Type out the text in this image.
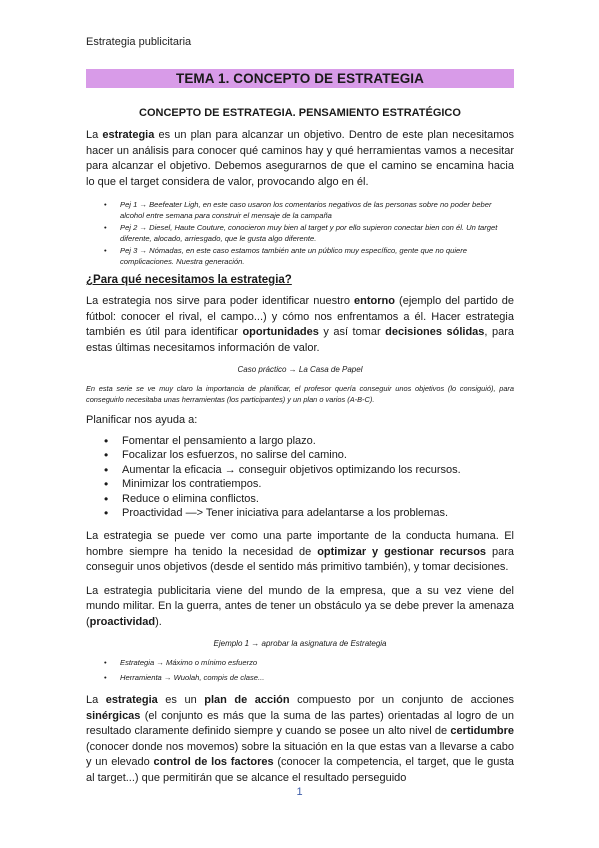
Estrategia publicitaria
TEMA 1. CONCEPTO DE ESTRATEGIA
CONCEPTO DE ESTRATEGIA. PENSAMIENTO ESTRATÉGICO

La estrategia es un plan para alcanzar un objetivo. Dentro de este plan necesitamos hacer un análisis para conocer qué caminos hay y qué herramientas vamos a necesitar para alcanzar el objetivo. Debemos asegurarnos de que el camino se encamina hacia lo que el target considera de valor, provocando algo en él.

• Pej 1 → Beefeater Ligh, en este caso usaron los comentarios negativos de las personas sobre no poder beber alcohol entre semana para construir el mensaje de la campaña
• Pej 2 → Diesel, Haute Couture, conocieron muy bien al target y por ello supieron conectar bien con él. Un target diferente, alocado, arriesgado, que le gusta algo diferente.
• Pej 3 → Nómadas, en este caso estamos también ante un público muy específico, gente que no quiere complicaciones. Nuestra generación.
¿Para qué necesitamos la estrategia?

La estrategia nos sirve para poder identificar nuestro entorno (ejemplo del partido de fútbol: conocer el rival, el campo...) y cómo nos enfrentamos a él. Hacer estrategia también es útil para identificar oportunidades y así tomar decisiones sólidas, para estas últimas necesitamos información de valor.

Caso práctico → La Casa de Papel
En esta serie se ve muy claro la importancia de planificar, el profesor quería conseguir unos objetivos (lo consiguió), para conseguirlo necesitaba unas herramientas (los participantes) y un plan o varios (A-B-C).

Planificar nos ayuda a:

• Fomentar el pensamiento a largo plazo.
• Focalizar los esfuerzos, no salirse del camino.
• Aumentar la eficacia → conseguir objetivos optimizando los recursos.
• Minimizar los contratiempos.
• Reduce o elimina conflictos.
• Proactividad —> Tener iniciativa para adelantarse a los problemas.

La estrategia se puede ver como una parte importante de la conducta humana. El hombre siempre ha tenido la necesidad de optimizar y gestionar recursos para conseguir unos objetivos (desde el sentido más primitivo también), y tomar decisiones.

La estrategia publicitaria viene del mundo de la empresa, que a su vez viene del mundo militar. En la guerra, antes de tener un obstáculo ya se debe prever la amenaza (proactividad).

Ejemplo 1 → aprobar la asignatura de Estrategia
• Estrategia → Máximo o mínimo esfuerzo
• Herramienta → Wuolah, compis de clase...

La estrategia es un plan de acción compuesto por un conjunto de acciones sinérgicas (el conjunto es más que la suma de las partes) orientadas al logro de un resultado claramente definido siempre y cuando se posee un alto nivel de certidumbre (conocer donde nos movemos) sobre la situación en la que estas van a llevarse a cabo y un elevado control de los factores (conocer la competencia, el target, que le gusta al target...) que permitirán que se alcance el resultado perseguido

1
